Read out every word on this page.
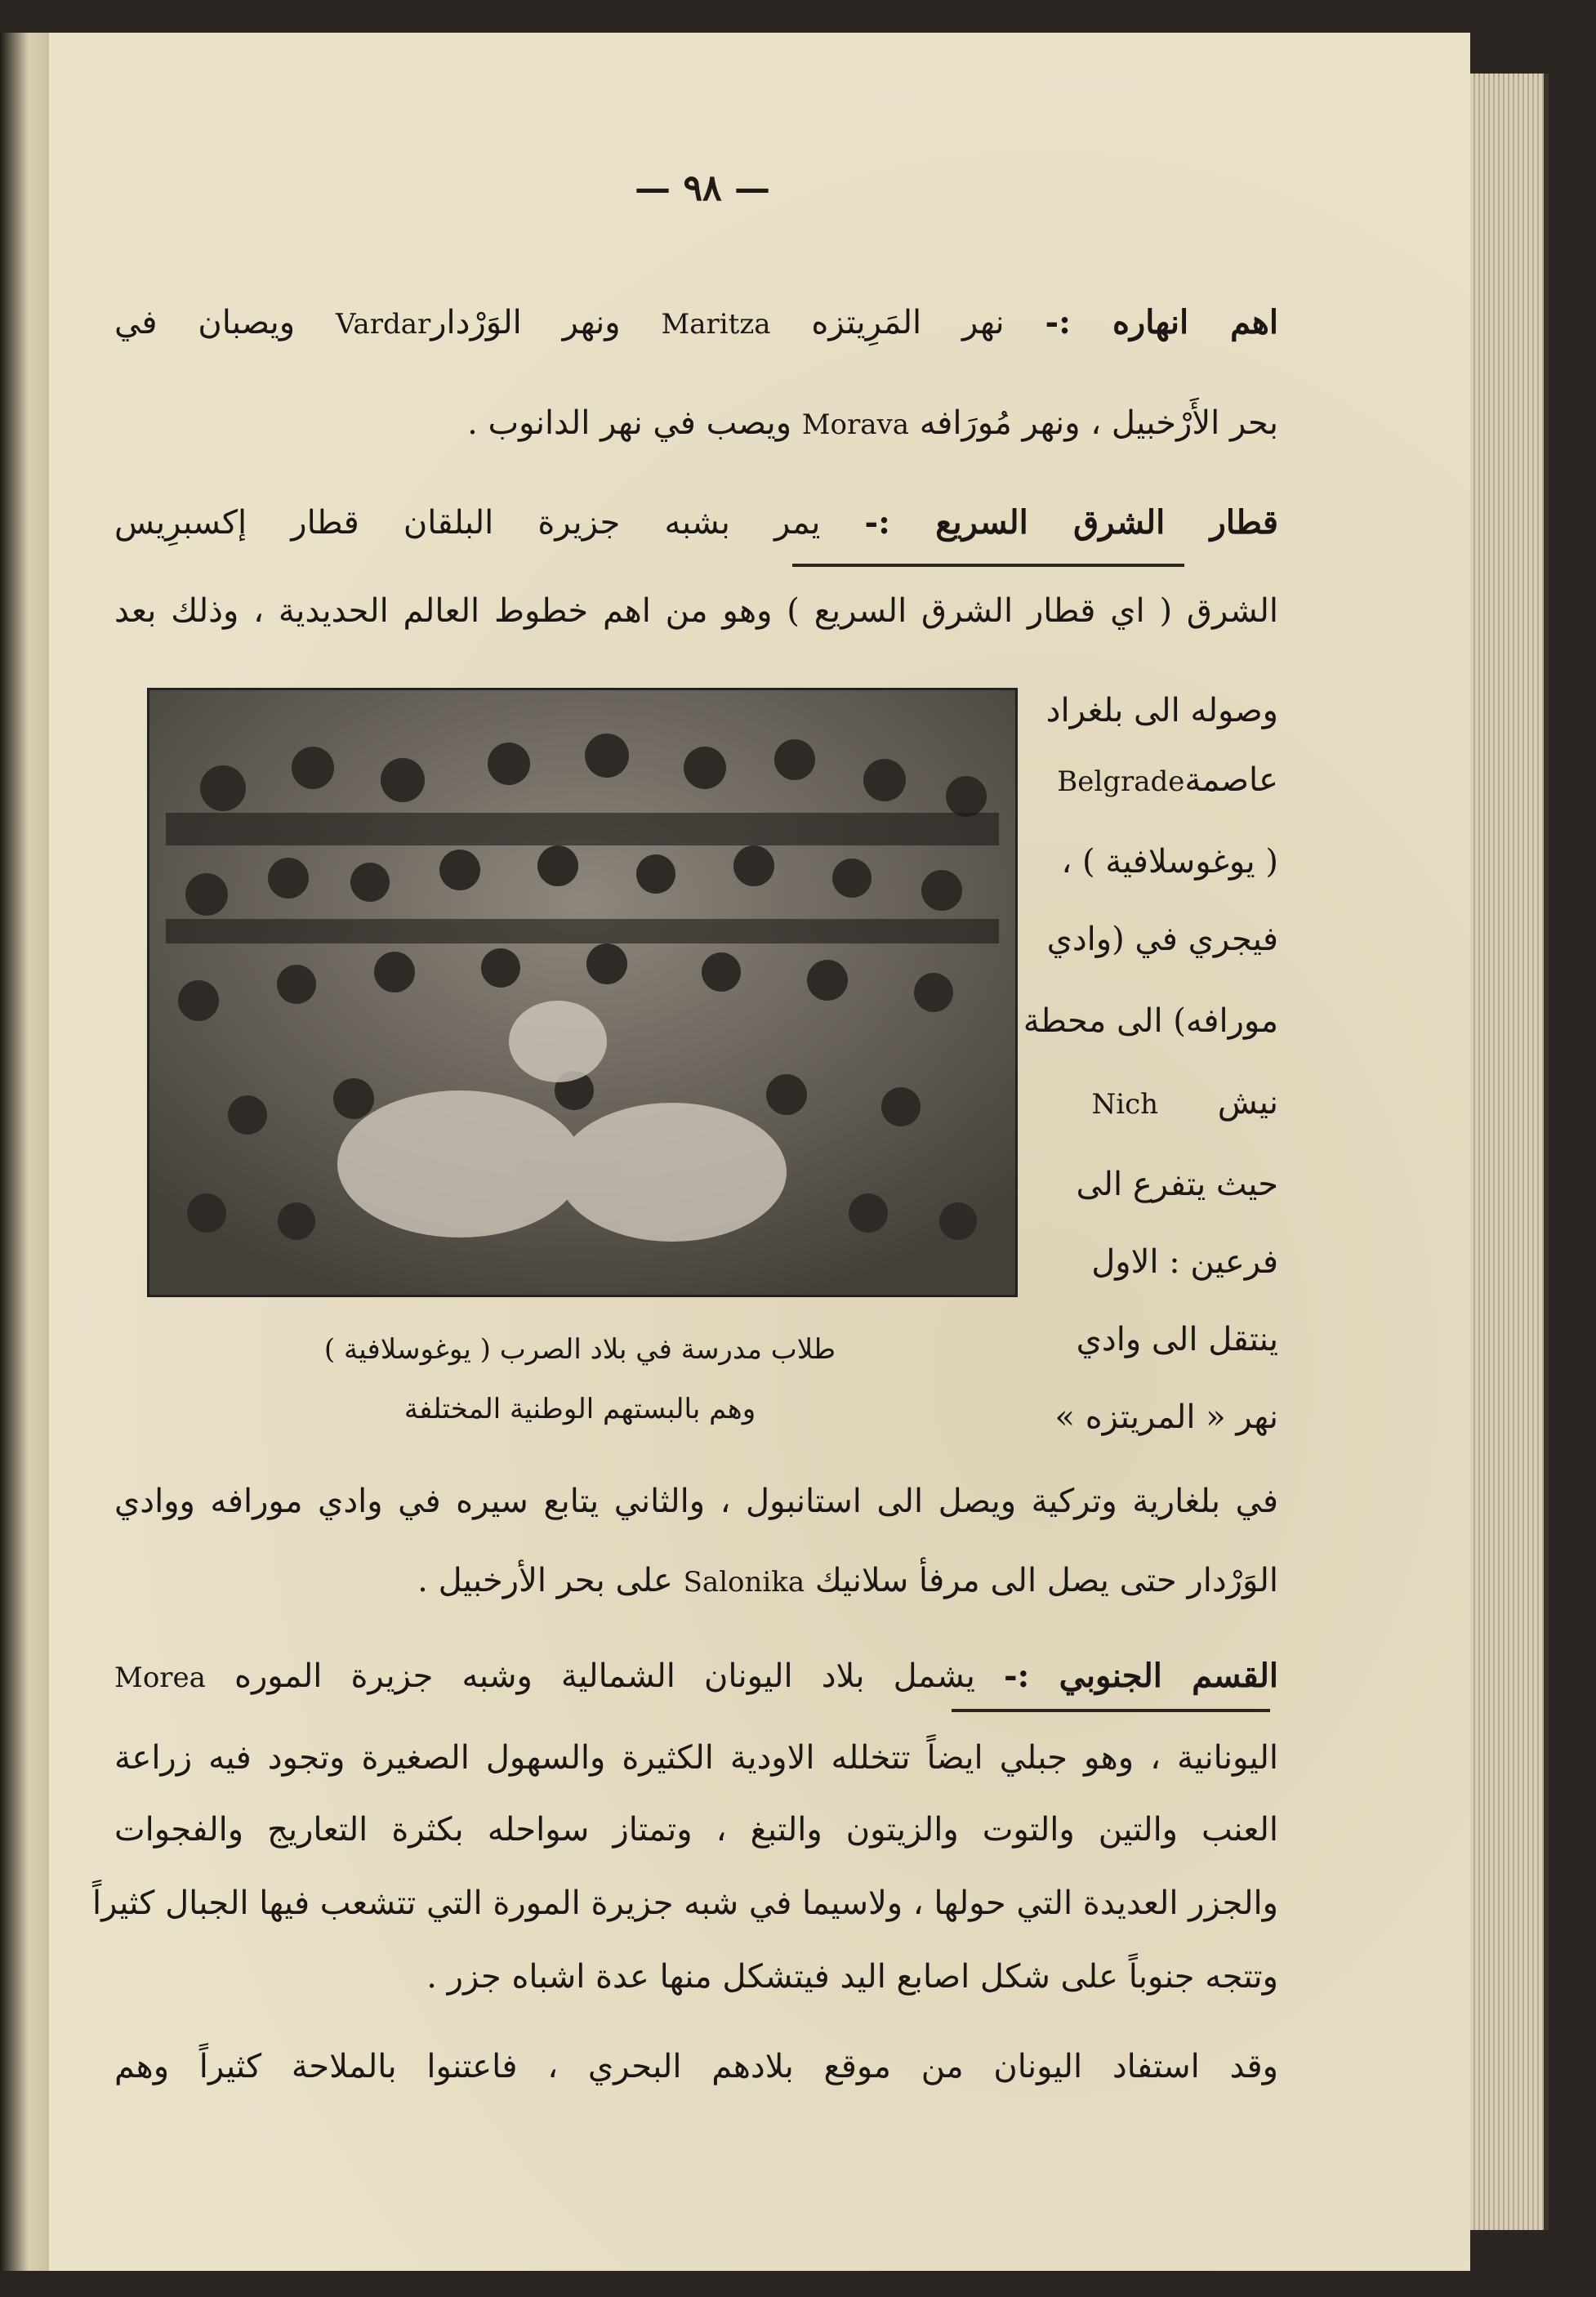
— ٩٨ —
اهم انهاره :- نهر المَرِيتزه Maritza ونهر الوَرْدارVardar ويصبان في
بحر الأَرْخبيل ، ونهر مُورَافه Morava ويصب في نهر الدانوب .
قطار الشرق السريع :- يمر بشبه جزيرة البلقان قطار إكسبرِيس
الشرق ( اي قطار الشرق السريع ) وهو من اهم خطوط العالم الحديدية ، وذلك بعد
وصوله الى بلغراد
عاصمةBelgrade
( يوغوسلافية ) ،
فيجري في (وادي
مورافه) الى محطة
نيش Nich
حيث يتفرع الى
فرعين : الاول
ينتقل الى وادي
نهر « المريتزه »
طلاب مدرسة في بلاد الصرب ( يوغوسلافية )
وهم بالبستهم الوطنية المختلفة
في بلغارية وتركية ويصل الى استانبول ، والثاني يتابع سيره في وادي مورافه ووادي
الوَرْدار حتى يصل الى مرفأ سلانيك Salonika على بحر الأرخبيل .
القسم الجنوبي :- يشمل بلاد اليونان الشمالية وشبه جزيرة الموره Morea
اليونانية ، وهو جبلي ايضاً تتخلله الاودية الكثيرة والسهول الصغيرة وتجود فيه زراعة
العنب والتين والتوت والزيتون والتبغ ، وتمتاز سواحله بكثرة التعاريج والفجوات
والجزر العديدة التي حولها ، ولاسيما في شبه جزيرة المورة التي تتشعب فيها الجبال كثيراً
وتتجه جنوباً على شكل اصابع اليد فيتشكل منها عدة اشباه جزر .
وقد استفاد اليونان من موقع بلادهم البحري ، فاعتنوا بالملاحة كثيراً وهم
